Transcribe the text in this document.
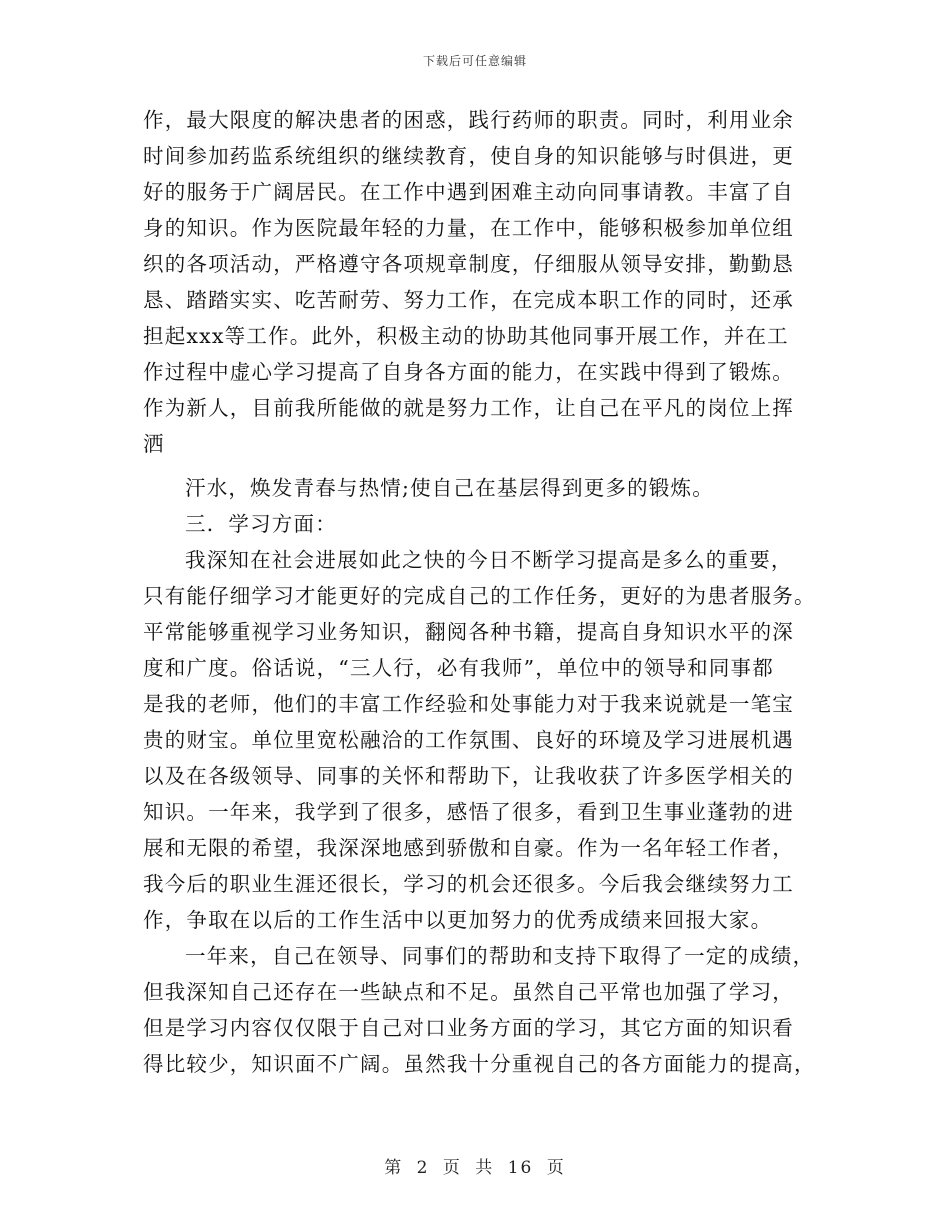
下载后可任意编辑
作，最大限度的解决患者的困惑，践行药师的职责。同时，利用业余
时间参加药监系统组织的继续教育，使自身的知识能够与时俱进，更
好的服务于广阔居民。在工作中遇到困难主动向同事请教。丰富了自
身的知识。作为医院最年轻的力量，在工作中，能够积极参加单位组
织的各项活动，严格遵守各项规章制度，仔细服从领导安排，勤勤恳
恳、踏踏实实、吃苦耐劳、努力工作，在完成本职工作的同时，还承
担起xxx等工作。此外，积极主动的协助其他同事开展工作，并在工
作过程中虚心学习提高了自身各方面的能力，在实践中得到了锻炼。
作为新人，目前我所能做的就是努力工作，让自己在平凡的岗位上挥
洒
汗水，焕发青春与热情;使自己在基层得到更多的锻炼。
三．学习方面：
我深知在社会进展如此之快的今日不断学习提高是多么的重要，
只有能仔细学习才能更好的完成自己的工作任务，更好的为患者服务。
平常能够重视学习业务知识，翻阅各种书籍，提高自身知识水平的深
度和广度。俗话说，“三人行，必有我师”，单位中的领导和同事都
是我的老师，他们的丰富工作经验和处事能力对于我来说就是一笔宝
贵的财宝。单位里宽松融洽的工作氛围、良好的环境及学习进展机遇
以及在各级领导、同事的关怀和帮助下，让我收获了许多医学相关的
知识。一年来，我学到了很多，感悟了很多，看到卫生事业蓬勃的进
展和无限的希望，我深深地感到骄傲和自豪。作为一名年轻工作者，
我今后的职业生涯还很长，学习的机会还很多。今后我会继续努力工
作，争取在以后的工作生活中以更加努力的优秀成绩来回报大家。
一年来，自己在领导、同事们的帮助和支持下取得了一定的成绩，
但我深知自己还存在一些缺点和不足。虽然自己平常也加强了学习，
但是学习内容仅仅限于自己对口业务方面的学习，其它方面的知识看
得比较少，知识面不广阔。虽然我十分重视自己的各方面能力的提高，
第 2 页 共 16 页
